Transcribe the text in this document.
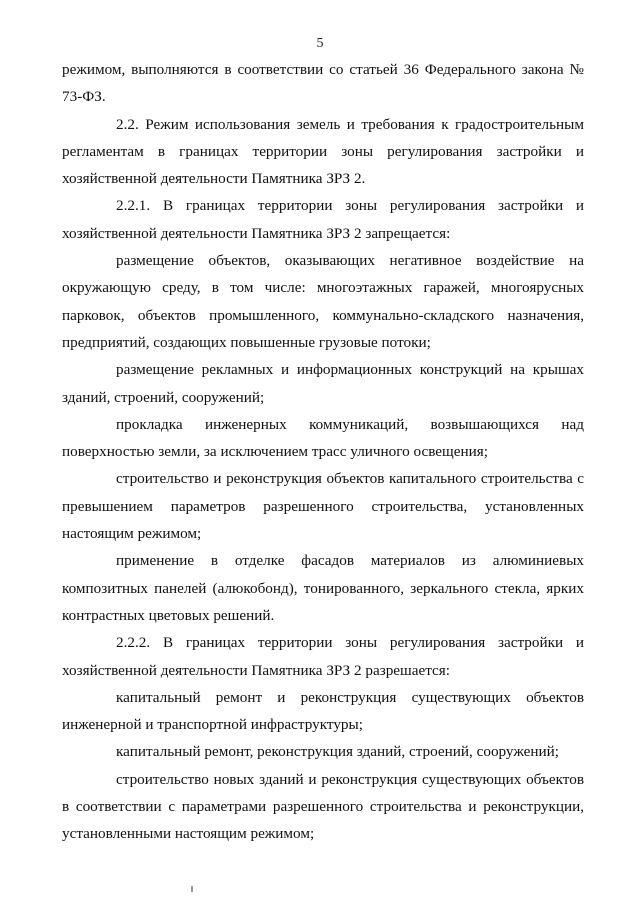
5

режимом, выполняются в соответствии со статьей 36 Федерального закона № 73-ФЗ.

2.2. Режим использования земель и требования к градостроительным регламентам в границах территории зоны регулирования застройки и хозяйственной деятельности Памятника ЗРЗ 2.

2.2.1. В границах территории зоны регулирования застройки и хозяйственной деятельности Памятника ЗРЗ 2 запрещается:

размещение объектов, оказывающих негативное воздействие на окружающую среду, в том числе: многоэтажных гаражей, многоярусных парковок, объектов промышленного, коммунально-складского назначения, предприятий, создающих повышенные грузовые потоки;

размещение рекламных и информационных конструкций на крышах зданий, строений, сооружений;

прокладка инженерных коммуникаций, возвышающихся над поверхностью земли, за исключением трасс уличного освещения;

строительство и реконструкция объектов капитального строительства с превышением параметров разрешенного строительства, установленных настоящим режимом;

применение в отделке фасадов материалов из алюминиевых композитных панелей (алюкобонд), тонированного, зеркального стекла, ярких контрастных цветовых решений.

2.2.2. В границах территории зоны регулирования застройки и хозяйственной деятельности Памятника ЗРЗ 2 разрешается:

капитальный ремонт и реконструкция существующих объектов инженерной и транспортной инфраструктуры;

капитальный ремонт, реконструкция зданий, строений, сооружений;

строительство новых зданий и реконструкция существующих объектов в соответствии с параметрами разрешенного строительства и реконструкции, установленными настоящим режимом;
